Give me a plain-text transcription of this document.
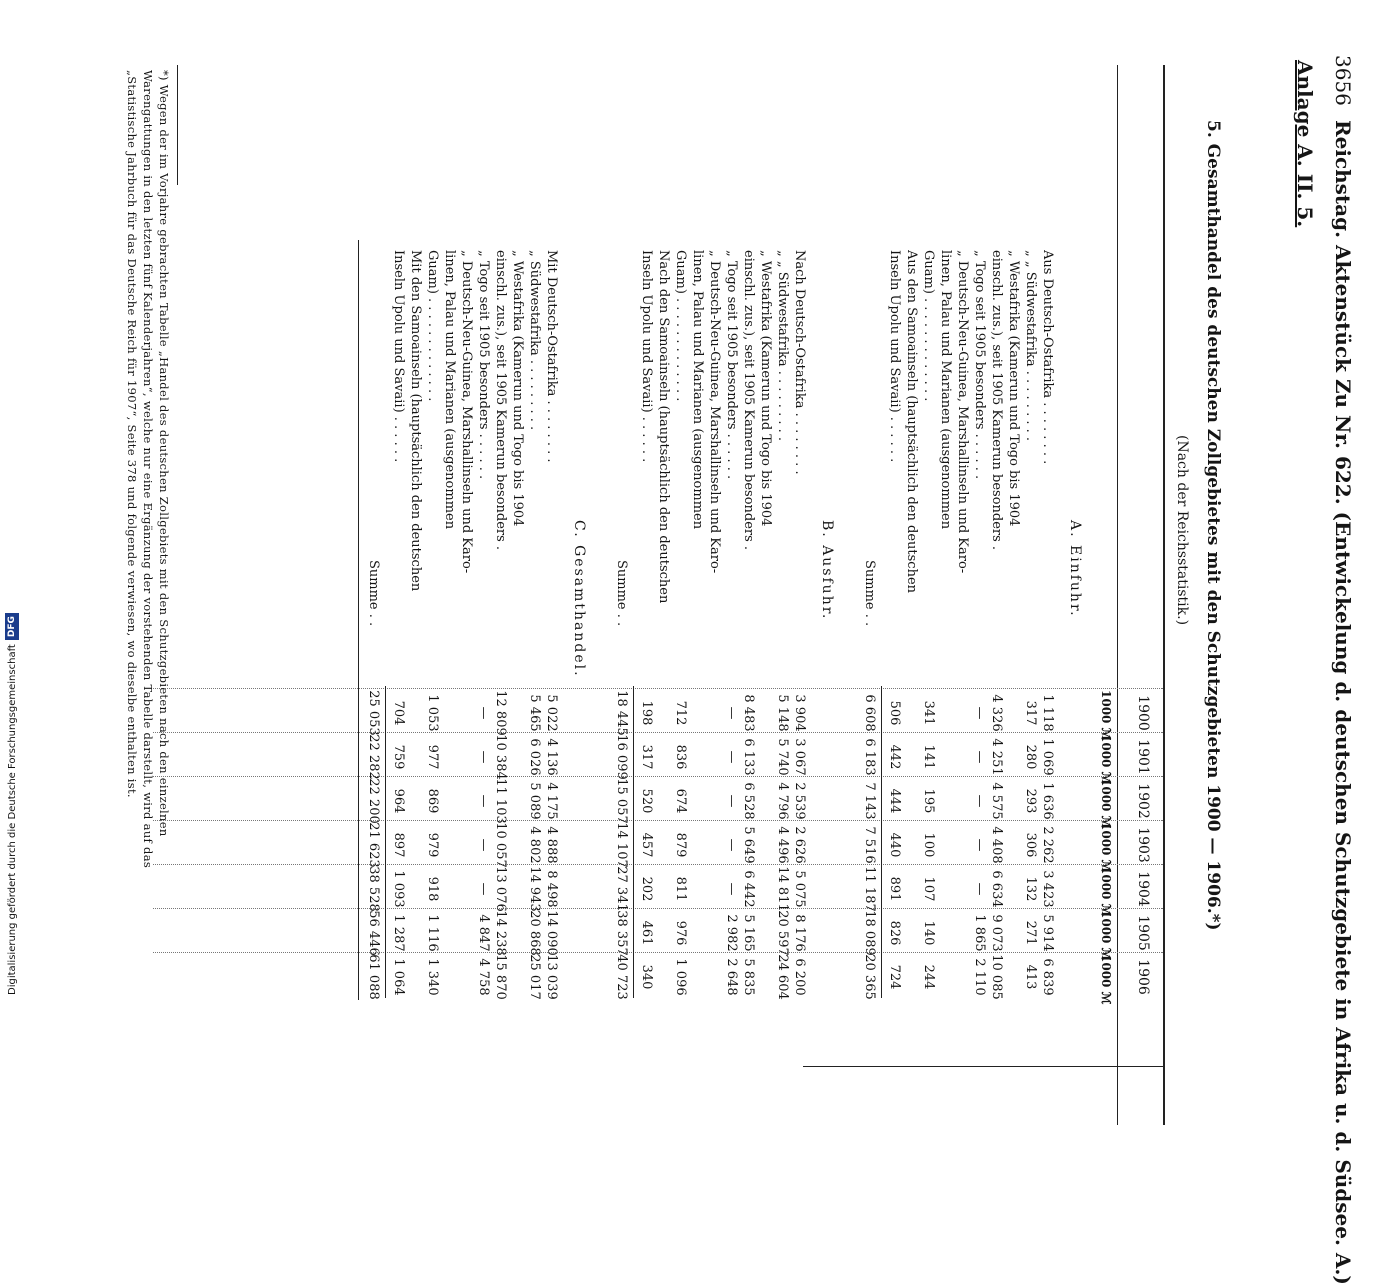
3656
Reichstag. Aktenstück Zu Nr. 622. (Entwickelung d. deutschen Schutzgebiete in Afrika u. d. Südsee. A.)
Anlage A. II. 5.
5. Gesamthandel des deutschen Zollgebietes mit den Schutzgebieten 1900 — 1906.*)
(Nach der Reichsstatistik.)
1900
1000 ℳ
1901
1000 ℳ
1902
1000 ℳ
1903
1000 ℳ
1904
1000 ℳ
1905
1000 ℳ
1906
1000 ℳ
A. Einfuhr.
Aus Deutsch-Ostafrika . . . . . . . .
1 118
1 069
1 636
2 262
3 423
5 914
6 839
„ „ Südwestafrika . . . . . . . . .
317
280
293
306
132
271
413
„ Westafrika (Kamerun und Togo bis 1904
einschl. zus.), seit 1905 Kamerun besonders .
4 326
4 251
4 575
4 408
6 634
9 073
10 085
„ Togo seit 1905 besonders . . . . . .
—
—
—
—
—
1 865
2 110
„ Deutsch-Neu-Guinea, Marshallinseln und Karo-
linen, Palau und Marianen (ausgenommen
Guam) . . . . . . . . . . . . .
341
141
195
100
107
140
244
Aus den Samoainseln (hauptsächlich den deutschen
Inseln Upolu und Savaii) . . . . . .
506
442
444
440
891
826
724
Summe . .
6 608
6 183
7 143
7 516
11 187
18 089
20 365
B. Ausfuhr.
Nach Deutsch-Ostafrika . . . . . . . .
3 904
3 067
2 539
2 626
5 075
8 176
6 200
„ „ Südwestafrika . . . . . . . . .
5 148
5 740
4 796
4 496
14 811
20 597
24 604
„ Westafrika (Kamerun und Togo bis 1904
einschl. zus.), seit 1905 Kamerun besonders .
8 483
6 133
6 528
5 649
6 442
5 165
5 835
„ Togo seit 1905 besonders . . . . . .
—
—
—
—
—
2 982
2 648
„ Deutsch-Neu-Guinea, Marshallinseln und Karo-
linen, Palau und Marianen (ausgenommen
Guam) . . . . . . . . . . . . .
712
836
674
879
811
976
1 096
Nach den Samoainseln (hauptsächlich den deutschen
Inseln Upolu und Savaii) . . . . . .
198
317
520
457
202
461
340
Summe . .
18 445
16 099
15 057
14 107
27 341
38 357
40 723
C. Gesamthandel.
Mit Deutsch-Ostafrika . . . . . . . .
5 022
4 136
4 175
4 888
8 498
14 090
13 039
„ Südwestafrika . . . . . . . . .
5 465
6 026
5 089
4 802
14 943
20 868
25 017
„ Westafrika (Kamerun und Togo bis 1904
einschl. zus.), seit 1905 Kamerun besonders .
12 809
10 384
11 103
10 057
13 076
14 238
15 870
„ Togo seit 1905 besonders . . . . . .
—
—
—
—
—
4 847
4 758
„ Deutsch-Neu-Guinea, Marshallinseln und Karo-
linen, Palau und Marianen (ausgenommen
Guam) . . . . . . . . . . . . .
1 053
977
869
979
918
1 116
1 340
Mit den Samoainseln (hauptsächlich den deutschen
Inseln Upolu und Savaii) . . . . . .
704
759
964
897
1 093
1 287
1 064
Summe . .
25 053
22 282
22 200
21 623
38 528
56 446
61 088
*) Wegen der im Vorjahre gebrachten Tabelle „Handel des deutschen Zollgebiets mit den Schutzgebieten nach den einzelnen
Warengattungen in den letzten fünf Kalenderjahren“, welche nur eine Ergänzung der vorstehenden Tabelle darstellt, wird auf das
„Statistische Jahrbuch für das Deutsche Reich für 1907“, Seite 378 und folgende verwiesen, wo dieselbe enthalten ist.
Digitalisierung gefördert durch die Deutsche Forschungsgemeinschaft
DFG
